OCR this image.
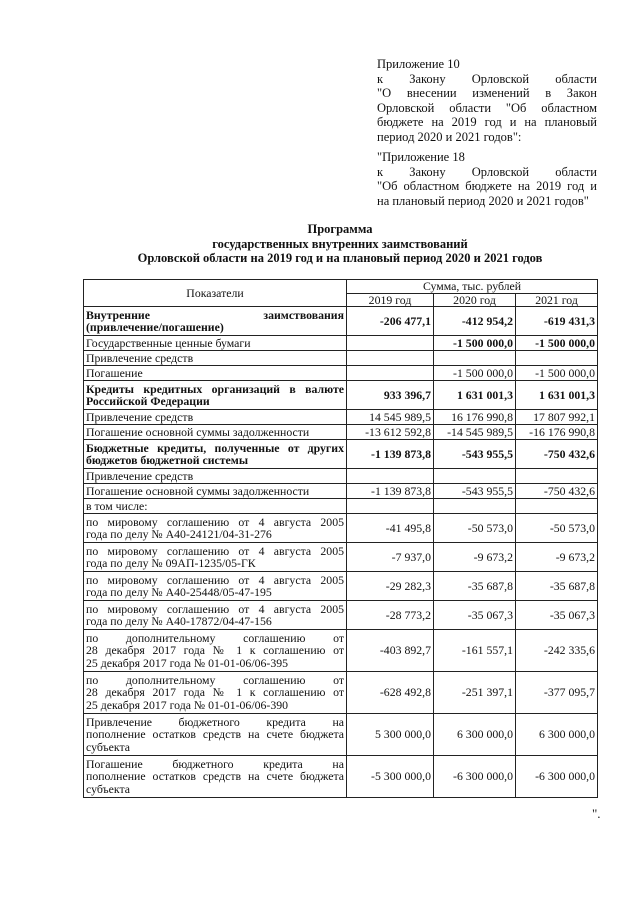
Приложение 10
к Закону Орловской области
"О внесении изменений в Закон
Орловской области "Об областном
бюджете на 2019 год и на плановый
период 2020 и 2021 годов":
"Приложение 18
к Закону Орловской области
"Об областном бюджете на 2019 год и
на плановый период 2020 и 2021 годов"
Программа
государственных внутренних заимствований
Орловской области на 2019 год и на плановый период 2020 и 2021 годов
Показатели	Сумма, тыс. рублей		
	2019 год	2020 год	2021 год

Внутренние заимствования
(привлечение/погашение)	-206 477,1	-412 954,2	-619 431,3
Государственные ценные бумаги		-1 500 000,0	-1 500 000,0
Привлечение средств			
Погашение		-1 500 000,0	-1 500 000,0

Кредиты кредитных организаций в валюте
Российской Федерации	933 396,7	1 631 001,3	1 631 001,3
Привлечение средств	14 545 989,5	16 176 990,8	17 807 992,1
Погашение основной суммы задолженности	-13 612 592,8	-14 545 989,5	-16 176 990,8

Бюджетные кредиты, полученные от других
бюджетов бюджетной системы	-1 139 873,8	-543 955,5	-750 432,6
Привлечение средств			
Погашение основной суммы задолженности	-1 139 873,8	-543 955,5	-750 432,6
в том числе:			

по мировому соглашению от 4 августа 2005
года по делу № А40-24121/04-31-276	-41 495,8	-50 573,0	-50 573,0

по мировому соглашению от 4 августа 2005
года по делу № 09АП-1235/05-ГК	-7 937,0	-9 673,2	-9 673,2

по мировому соглашению от 4 августа 2005
года по делу № А40-25448/05-47-195	-29 282,3	-35 687,8	-35 687,8

по мировому соглашению от 4 августа 2005
года по делу № А40-17872/04-47-156	-28 773,2	-35 067,3	-35 067,3

по дополнительному соглашению от
28 декабря 2017 года № 1 к соглашению от
25 декабря 2017 года № 01-01-06/06-395	-403 892,7	-161 557,1	-242 335,6

по дополнительному соглашению от
28 декабря 2017 года № 1 к соглашению от
25 декабря 2017 года № 01-01-06/06-390	-628 492,8	-251 397,1	-377 095,7

Привлечение бюджетного кредита на
пополнение остатков средств на счете бюджета
субъекта	5 300 000,0	6 300 000,0	6 300 000,0

Погашение бюджетного кредита на
пополнение остатков средств на счете бюджета
субъекта	-5 300 000,0	-6 300 000,0	-6 300 000,0
".
